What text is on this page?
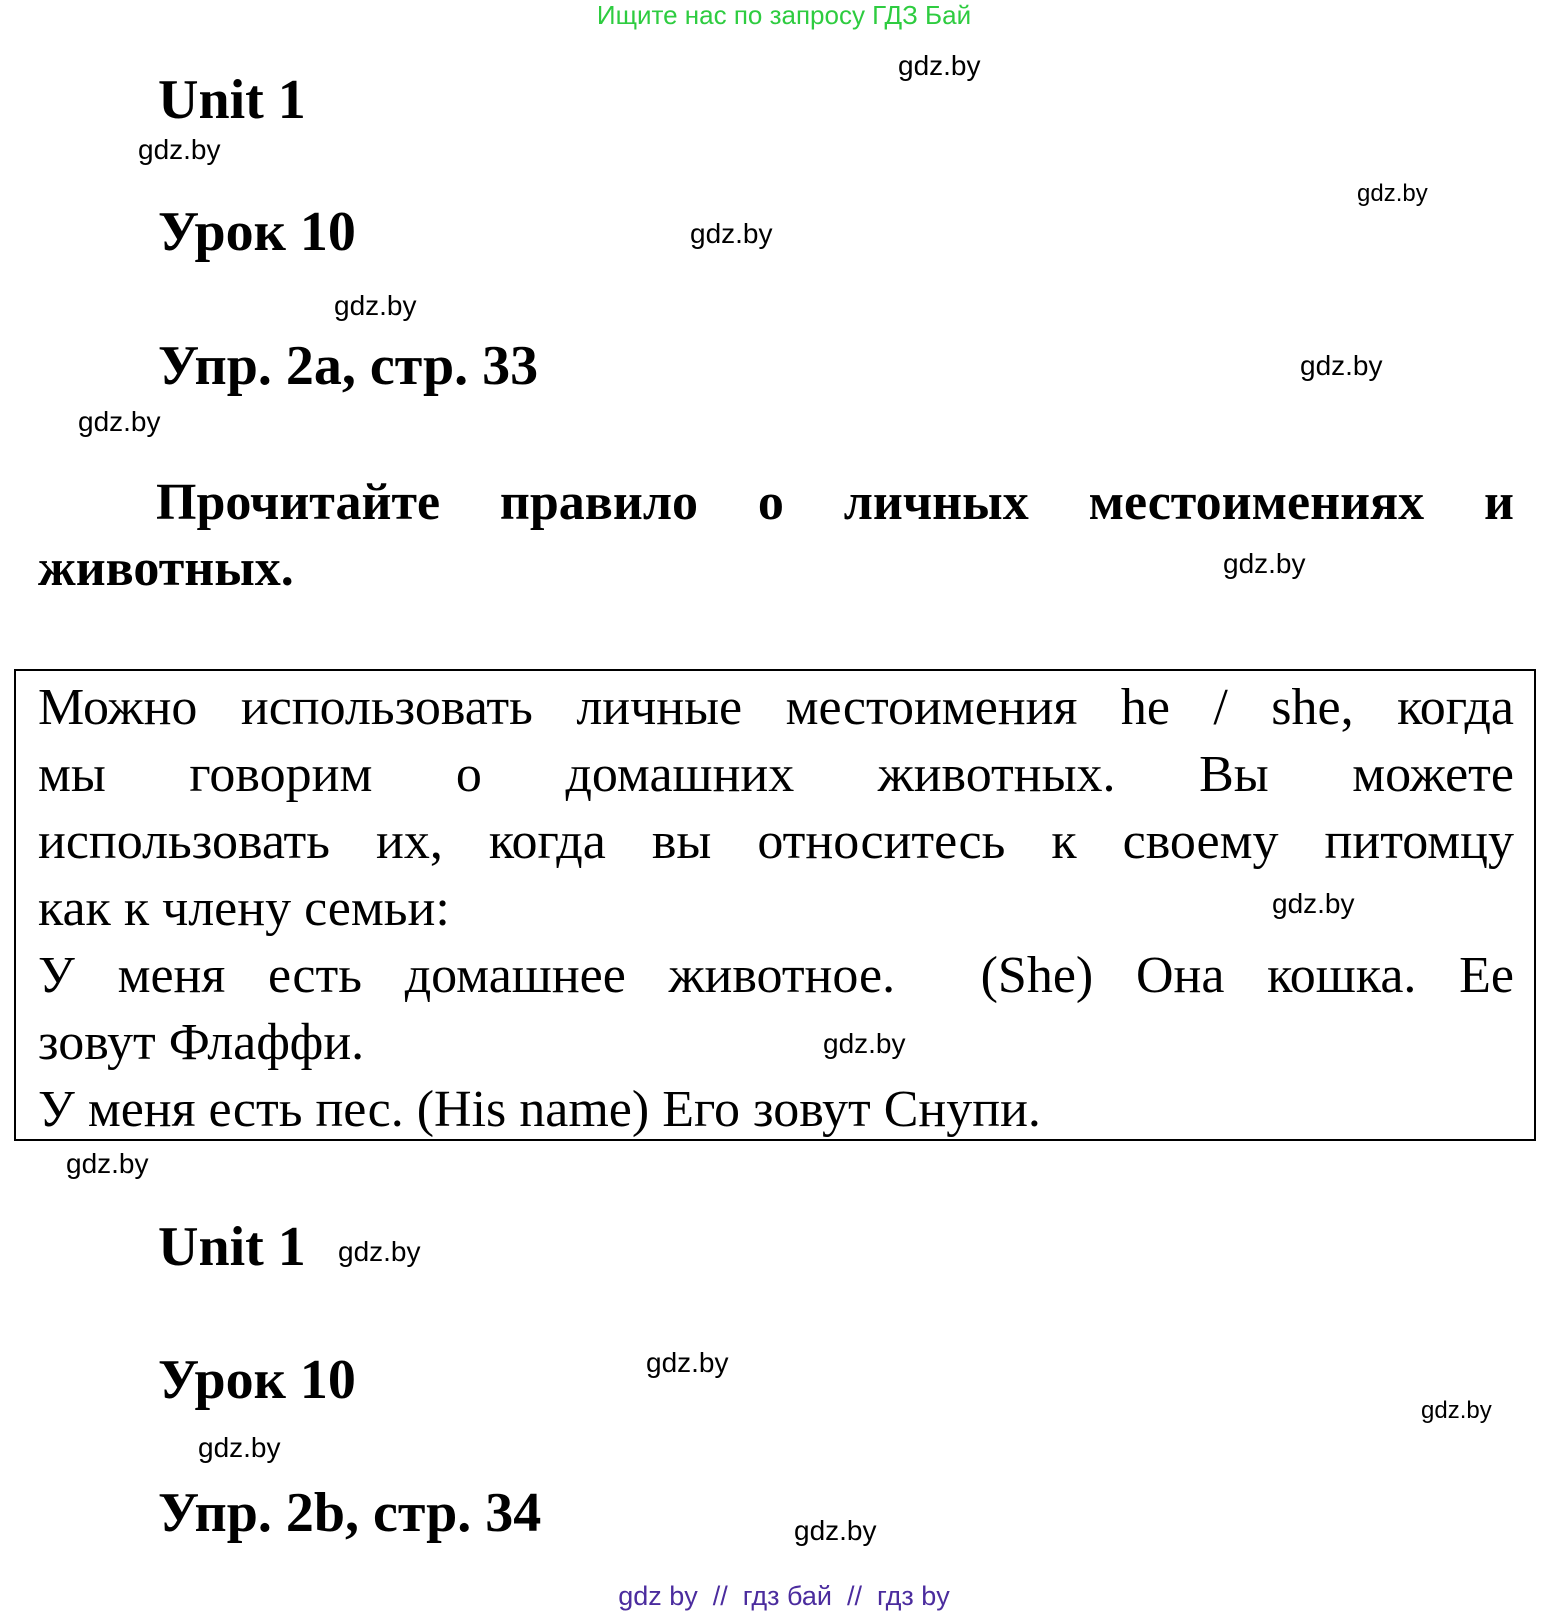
Ищите нас по запросу ГДЗ Бай
Unit 1
Урок 10
Упр. 2а, стр. 33
Прочитайте правило о личных местоимениях и
животных.
Можно использовать личные местоимения he / she, когда
мы говорим о домашних животных. Вы можете
использовать их, когда вы относитесь к своему питомцу
как к члену семьи:
У меня есть домашнее животное.  (She) Она кошка. Ее
зовут Флаффи.
У меня есть пес. (His name) Его зовут Снупи.
Unit 1
Урок 10
Упр. 2b, стр. 34
gdz.by
gdz.by
gdz.by
gdz.by
gdz.by
gdz.by
gdz.by
gdz.by
gdz.by
gdz.by
gdz.by
gdz.by
gdz.by
gdz.by
gdz.by
gdz.by
gdz by  //  гдз бай  //  гдз by
